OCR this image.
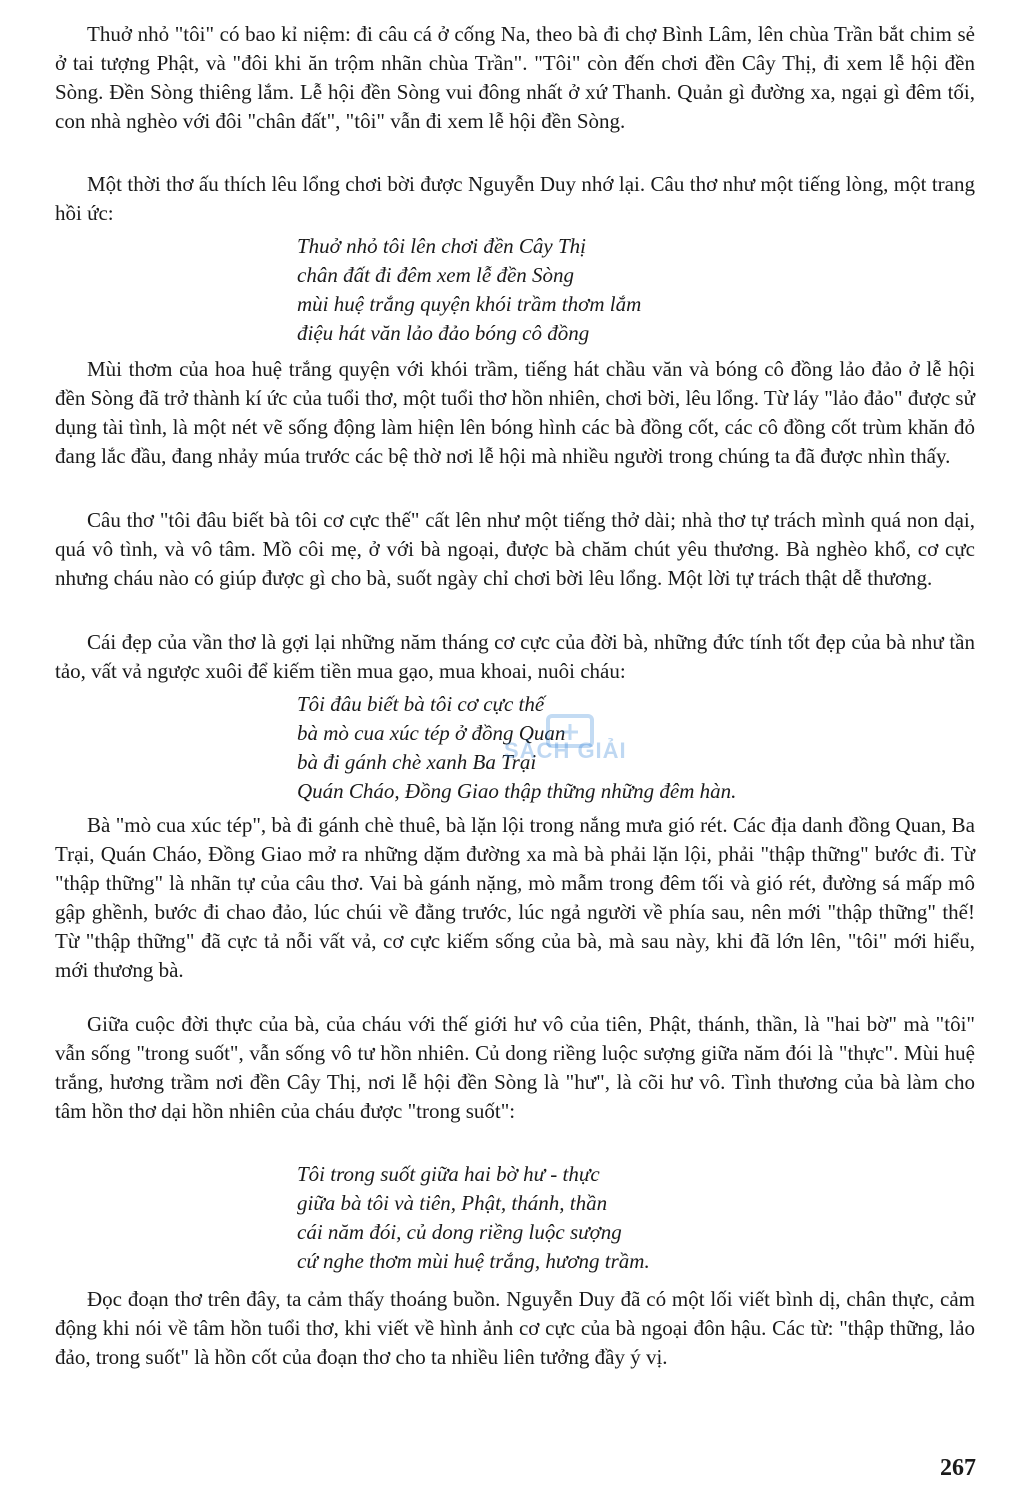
Thuở nhỏ "tôi" có bao kỉ niệm: đi câu cá ở cống Na, theo bà đi chợ Bình Lâm, lên chùa Trần bắt chim sẻ ở tai tượng Phật, và "đôi khi ăn trộm nhãn chùa Trần". "Tôi" còn đến chơi đền Cây Thị, đi xem lễ hội đền Sòng. Đền Sòng thiêng lắm. Lễ hội đền Sòng vui đông nhất ở xứ Thanh. Quản gì đường xa, ngại gì đêm tối, con nhà nghèo với đôi "chân đất", "tôi" vẫn đi xem lễ hội đền Sòng.

Một thời thơ ấu thích lêu lổng chơi bời được Nguyễn Duy nhớ lại. Câu thơ như một tiếng lòng, một trang hồi ức:

Thuở nhỏ tôi lên chơi đền Cây Thị
chân đất đi đêm xem lễ đền Sòng
mùi huệ trắng quyện khói trầm thơm lắm
điệu hát văn lảo đảo bóng cô đồng

Mùi thơm của hoa huệ trắng quyện với khói trầm, tiếng hát chầu văn và bóng cô đồng lảo đảo ở lễ hội đền Sòng đã trở thành kí ức của tuổi thơ, một tuổi thơ hồn nhiên, chơi bời, lêu lổng. Từ láy "lảo đảo" được sử dụng tài tình, là một nét vẽ sống động làm hiện lên bóng hình các bà đồng cốt, các cô đồng cốt trùm khăn đỏ đang lắc đầu, đang nhảy múa trước các bệ thờ nơi lễ hội mà nhiều người trong chúng ta đã được nhìn thấy.

Câu thơ "tôi đâu biết bà tôi cơ cực thế" cất lên như một tiếng thở dài; nhà thơ tự trách mình quá non dại, quá vô tình, và vô tâm. Mồ côi mẹ, ở với bà ngoại, được bà chăm chút yêu thương. Bà nghèo khổ, cơ cực nhưng cháu nào có giúp được gì cho bà, suốt ngày chỉ chơi bời lêu lổng. Một lời tự trách thật dễ thương.

Cái đẹp của vần thơ là gợi lại những năm tháng cơ cực của đời bà, những đức tính tốt đẹp của bà như tần tảo, vất vả ngược xuôi để kiếm tiền mua gạo, mua khoai, nuôi cháu:

Tôi đâu biết bà tôi cơ cực thế
bà mò cua xúc tép ở đồng Quan
bà đi gánh chè xanh Ba Trại
Quán Cháo, Đồng Giao thập thững những đêm hàn.

Bà "mò cua xúc tép", bà đi gánh chè thuê, bà lặn lội trong nắng mưa gió rét. Các địa danh đồng Quan, Ba Trại, Quán Cháo, Đồng Giao mở ra những dặm đường xa mà bà phải lặn lội, phải "thập thững" bước đi. Từ "thập thững" là nhãn tự của câu thơ. Vai bà gánh nặng, mò mẫm trong đêm tối và gió rét, đường sá mấp mô gập ghềnh, bước đi chao đảo, lúc chúi về đằng trước, lúc ngả người về phía sau, nên mới "thập thững" thế! Từ "thập thững" đã cực tả nỗi vất vả, cơ cực kiếm sống của bà, mà sau này, khi đã lớn lên, "tôi" mới hiểu, mới thương bà.

Giữa cuộc đời thực của bà, của cháu với thế giới hư vô của tiên, Phật, thánh, thần, là "hai bờ" mà "tôi" vẫn sống "trong suốt", vẫn sống vô tư hồn nhiên. Củ dong riềng luộc sượng giữa năm đói là "thực". Mùi huệ trắng, hương trầm nơi đền Cây Thị, nơi lễ hội đền Sòng là "hư", là cõi hư vô. Tình thương của bà làm cho tâm hồn thơ dại hồn nhiên của cháu được "trong suốt":

Tôi trong suốt giữa hai bờ hư - thực
giữa bà tôi và tiên, Phật, thánh, thần
cái năm đói, củ dong riềng luộc sượng
cứ nghe thơm mùi huệ trắng, hương trầm.

Đọc đoạn thơ trên đây, ta cảm thấy thoáng buồn. Nguyễn Duy đã có một lối viết bình dị, chân thực, cảm động khi nói về tâm hồn tuổi thơ, khi viết về hình ảnh cơ cực của bà ngoại đôn hậu. Các từ: "thập thững, lảo đảo, trong suốt" là hồn cốt của đoạn thơ cho ta nhiều liên tưởng đầy ý vị.

SÁCH GIẢI
267
